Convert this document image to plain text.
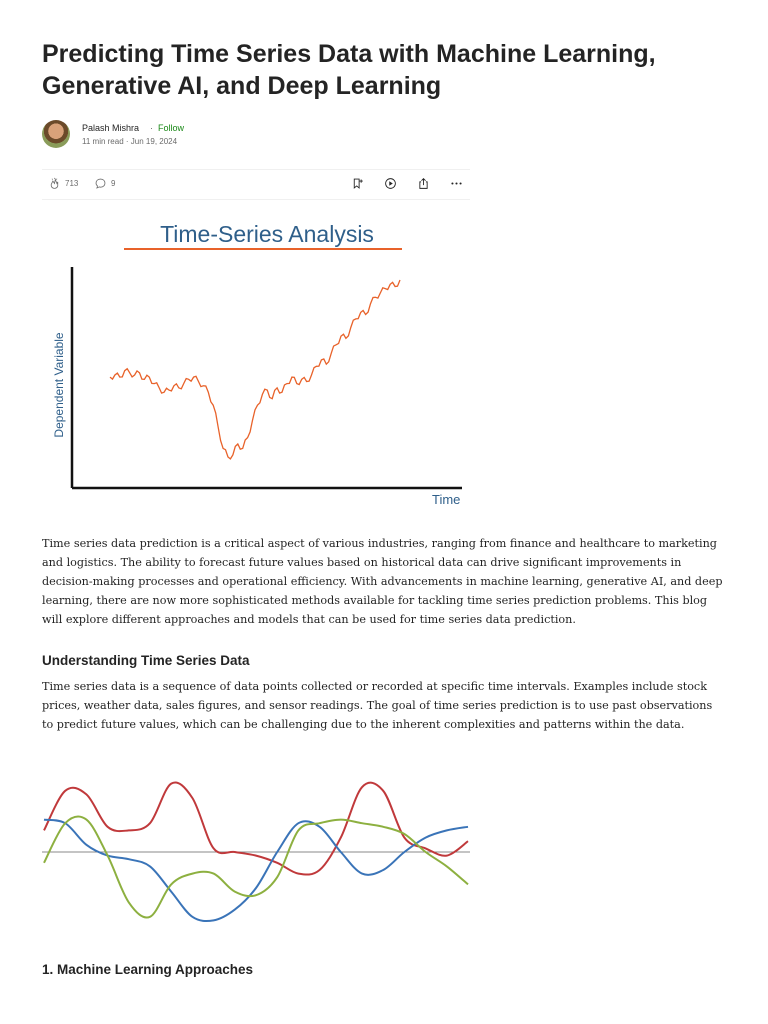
Predicting Time Series Data with Machine Learning, Generative AI, and Deep Learning
Palash Mishra · Follow
11 min read · Jun 19, 2024
713	9
Time-Series Analysis
Time
Dependent Variable

Time series data prediction is a critical aspect of various industries, ranging from finance and healthcare to marketing and logistics. The ability to forecast future values based on historical data can drive significant improvements in decision-making processes and operational efficiency. With advancements in machine learning, generative AI, and deep learning, there are now more sophisticated methods available for tackling time series prediction problems. This blog will explore different approaches and models that can be used for time series data prediction.

Understanding Time Series Data

Time series data is a sequence of data points collected or recorded at specific time intervals. Examples include stock prices, weather data, sales figures, and sensor readings. The goal of time series prediction is to use past observations to predict future values, which can be challenging due to the inherent complexities and patterns within the data.

1. Machine Learning Approaches
